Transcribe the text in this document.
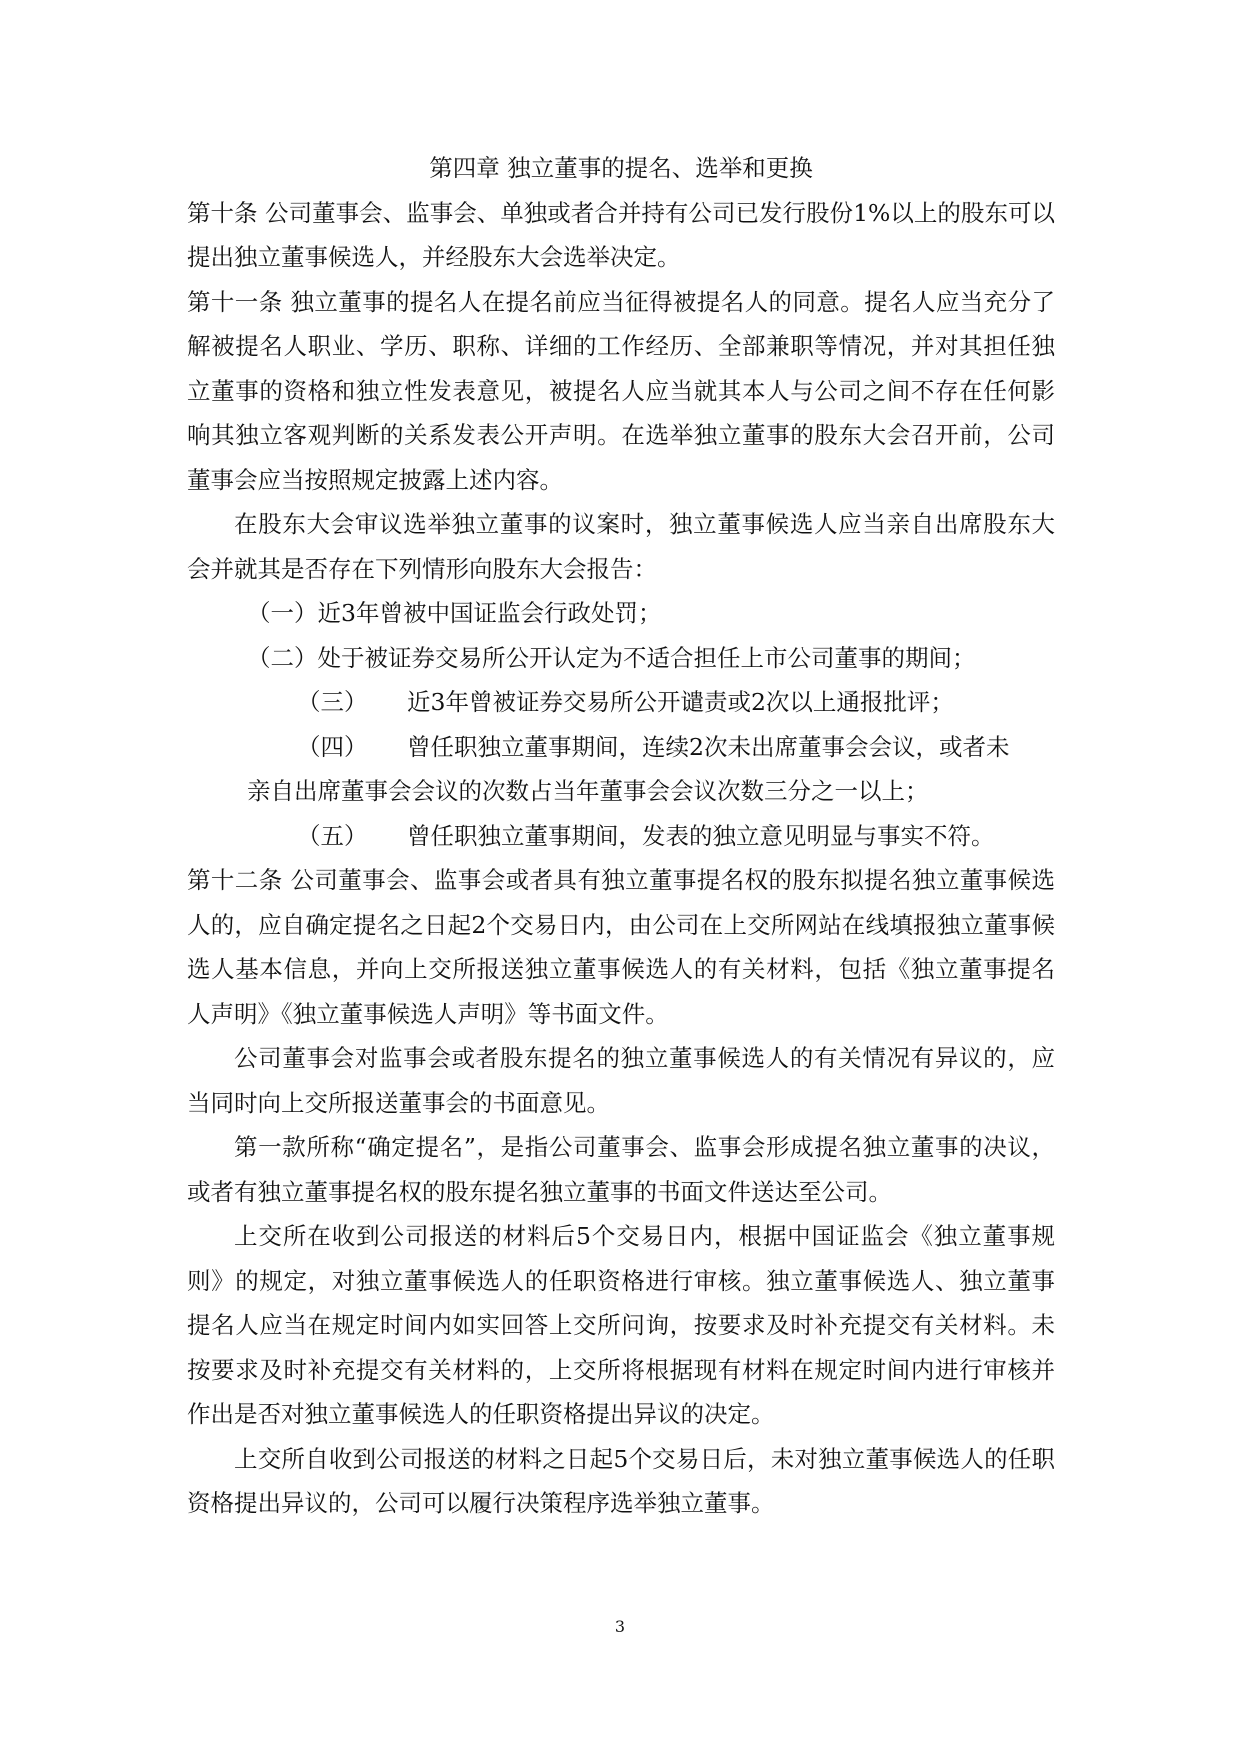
第四章 独立董事的提名、选举和更换

第十条 公司董事会、监事会、单独或者合并持有公司已发行股份1%以上的股东可以提出独立董事候选人，并经股东大会选举决定。

第十一条 独立董事的提名人在提名前应当征得被提名人的同意。提名人应当充分了解被提名人职业、学历、职称、详细的工作经历、全部兼职等情况，并对其担任独立董事的资格和独立性发表意见，被提名人应当就其本人与公司之间不存在任何影响其独立客观判断的关系发表公开声明。在选举独立董事的股东大会召开前，公司董事会应当按照规定披露上述内容。

在股东大会审议选举独立董事的议案时，独立董事候选人应当亲自出席股东大会并就其是否存在下列情形向股东大会报告：

（一）近3年曾被中国证监会行政处罚；

（二）处于被证券交易所公开认定为不适合担任上市公司董事的期间；

（三） 近3年曾被证券交易所公开谴责或2次以上通报批评；

（四） 曾任职独立董事期间，连续2次未出席董事会会议，或者未

亲自出席董事会会议的次数占当年董事会会议次数三分之一以上；

（五） 曾任职独立董事期间，发表的独立意见明显与事实不符。

第十二条 公司董事会、监事会或者具有独立董事提名权的股东拟提名独立董事候选人的，应自确定提名之日起2个交易日内，由公司在上交所网站在线填报独立董事候选人基本信息，并向上交所报送独立董事候选人的有关材料，包括《独立董事提名人声明》《独立董事候选人声明》等书面文件。

公司董事会对监事会或者股东提名的独立董事候选人的有关情况有异议的，应当同时向上交所报送董事会的书面意见。

第一款所称“确定提名”，是指公司董事会、监事会形成提名独立董事的决议，或者有独立董事提名权的股东提名独立董事的书面文件送达至公司。

上交所在收到公司报送的材料后5个交易日内，根据中国证监会《独立董事规则》的规定，对独立董事候选人的任职资格进行审核。独立董事候选人、独立董事提名人应当在规定时间内如实回答上交所问询，按要求及时补充提交有关材料。未按要求及时补充提交有关材料的，上交所将根据现有材料在规定时间内进行审核并作出是否对独立董事候选人的任职资格提出异议的决定。

上交所自收到公司报送的材料之日起5个交易日后，未对独立董事候选人的任职资格提出异议的，公司可以履行决策程序选举独立董事。

3
